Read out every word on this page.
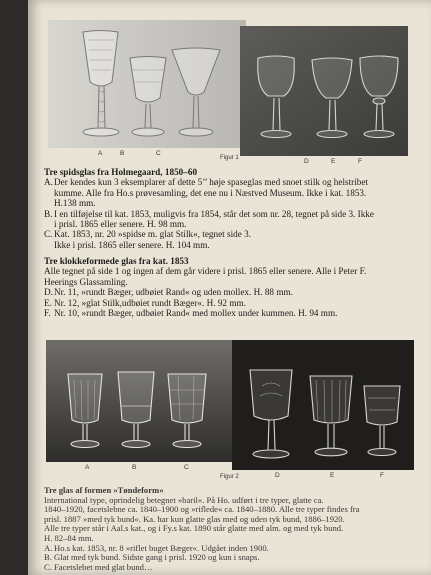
A	B	C
Figur 1	D	E	F
Tre spidsglas fra Holmegaard, 1850–60
A. Der kendes kun 3 eksemplarer af dette 5’’ høje spaseglas med snoet stilk og helstribet
kumme. Alle fra Ho.s prøvesamling, det ene nu i Næstved Museum. Ikke i kat. 1853.
H.138 mm.
B. I en tilføjelse til kat. 1853, muligvis fra 1854, står det som nr. 28, tegnet på side 3. Ikke
i prisl. 1865 eller senere. H. 98 mm.
C. Kat. 1853, nr. 20 »spidse m. glat Stilk«, tegnet side 3.
Ikke i prisl. 1865 eller senere. H. 104 mm.
Tre klokkeformede glas fra kat. 1853
Alle tegnet på side 1 og ingen af dem går videre i prisl. 1865 eller senere. Alle i Peter F.
Heerings Glassamling.
D. Nr. 11, »rundt Bæger, udbøiet Rand« og uden mollex. H. 88 mm.
E. Nr. 12, »glat Stilk,udbøiet rundt Bæger«. H. 92 mm.
F. Nr. 10, »rundt Bæger, udbøiet Rand« med mollex under kummen. H. 94 mm.
A	B	C
Figur 2	D	E	F
Tre glas af formen »Tøndeform«
International type, oprindelig betegnet »baril«. På Ho. udført i tre typer, glatte ca.
1840–1920, facetslebne ca. 1840–1900 og »riflede« ca. 1840–1880. Alle tre typer findes fra
prisl. 1887 »med tyk bund«. Ka. har kun glatte glas med og uden tyk bund, 1886–1920.
Alle tre typer står i Aal.s kat., og i Fy.s kat. 1890 står glatte med alm. og med tyk bund.
H. 82–84 mm.
A. Ho.s kat. 1853, nr. 8 »riflet buget Bæger«. Udgået inden 1900.
B. Glat med tyk bund. Sidste gang i prisl. 1920 og kun i snaps.
C. Facetslebet med glat bund…
